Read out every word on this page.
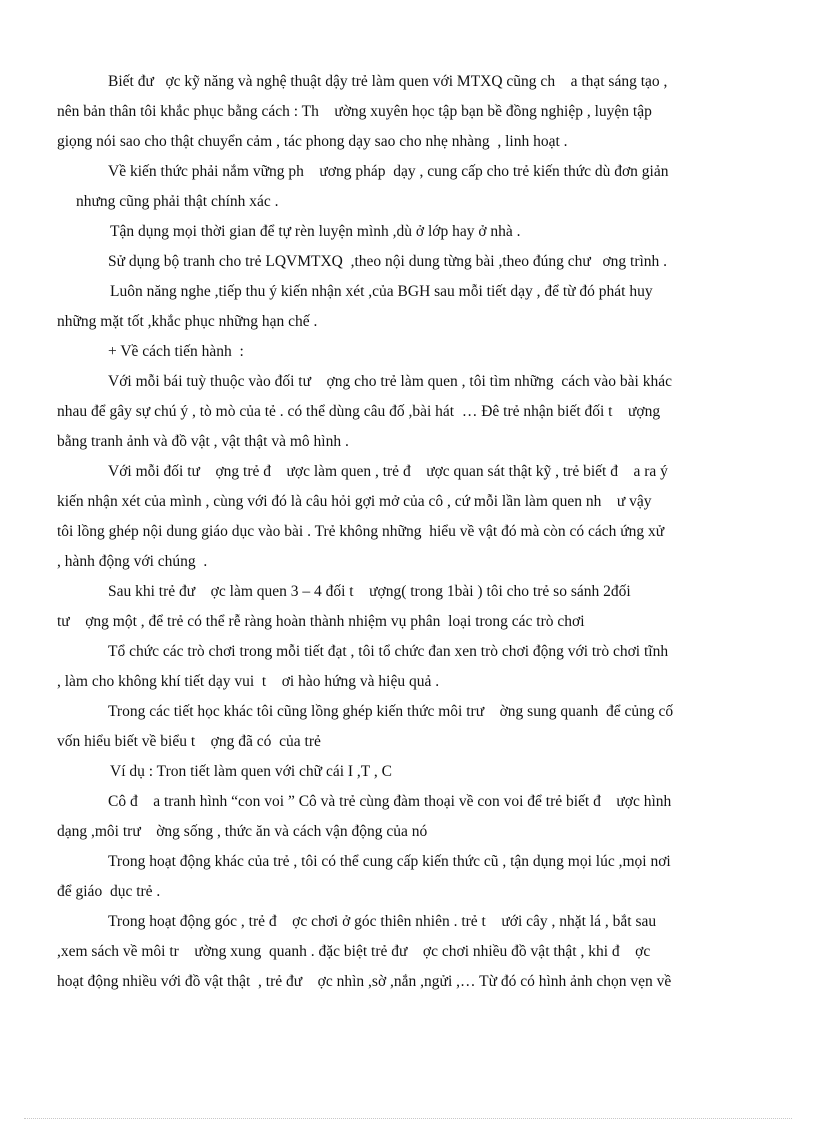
Biết đư   ợc kỹ năng và nghệ thuật dậy trẻ làm quen với MTXQ cũng ch    a thạt sáng tạo ,
nên bản thân tôi khắc phục bằng cách : Th    ường xuyên học tập bạn bề đồng nghiệp , luyện tập
giọng nói sao cho thật chuyển cảm , tác phong dạy sao cho nhẹ nhàng  , linh hoạt .
Về kiến thức phải nắm vững ph    ương pháp  dạy , cung cấp cho trẻ kiến thức dù đơn giản
nhưng cũng phải thật chính xác .
Tận dụng mọi thời gian để tự rèn luyện mình ,dù ở lớp hay ở nhà .
Sử dụng bộ tranh cho trẻ LQVMTXQ  ,theo nội dung từng bài ,theo đúng chư   ơng trình .
Luôn năng nghe ,tiếp thu ý kiến nhận xét ,của BGH sau mỗi tiết dạy , để từ đó phát huy
những mặt tốt ,khắc phục những hạn chế .
+ Về cách tiến hành  :
Với mỗi bái tuỳ thuộc vào đối tư    ợng cho trẻ làm quen , tôi tìm những  cách vào bài khác
nhau để gây sự chú ý , tò mò của tẻ . có thể dùng câu đố ,bài hát  … Đê trẻ nhận biết đối t    ượng
bằng tranh ảnh và đồ vật , vật thật và mô hình .
Với mỗi đối tư    ợng trẻ đ    ược làm quen , trẻ đ    ược quan sát thật kỹ , trẻ biết đ    a ra ý
kiến nhận xét của mình , cùng với đó là câu hỏi gợi mở của cô , cứ mỗi lần làm quen nh    ư vậy
tôi lồng ghép nội dung giáo dục vào bài . Trẻ không những  hiểu về vật đó mà còn có cách ứng xử
, hành động với chúng  .
Sau khi trẻ đư    ợc làm quen 3 – 4 đối t    ượng( trong 1bài ) tôi cho trẻ so sánh 2đối
tư    ợng một , để trẻ có thể rễ ràng hoàn thành nhiệm vụ phân  loại trong các trò chơi
Tổ chức các trò chơi trong mỗi tiết đạt , tôi tổ chức đan xen trò chơi động với trò chơi tĩnh
, làm cho không khí tiết dạy vui  t    ơi hào hứng và hiệu quả .
Trong các tiết học khác tôi cũng lồng ghép kiến thức môi trư    ờng sung quanh  để củng cố
vốn hiểu biết về biểu t    ợng đã có  của trẻ
Ví dụ : Tron tiết làm quen với chữ cái I ,T , C
Cô đ    a tranh hình “con voi ” Cô và trẻ cùng đàm thoại về con voi để trẻ biết đ    ược hình
dạng ,môi trư    ờng sống , thức ăn và cách vận động của nó
Trong hoạt động khác của trẻ , tôi có thể cung cấp kiến thức cũ , tận dụng mọi lúc ,mọi nơi
để giáo  dục trẻ .
Trong hoạt động góc , trẻ đ    ợc chơi ở góc thiên nhiên . trẻ t    ưới cây , nhặt lá , bắt sau
,xem sách về môi tr    ường xung  quanh . đặc biệt trẻ đư    ợc chơi nhiều đồ vật thật , khi đ    ợc
hoạt động nhiều với đồ vật thật  , trẻ đư    ợc nhìn ,sờ ,nắn ,ngửi ,… Từ đó có hình ảnh chọn vẹn về
